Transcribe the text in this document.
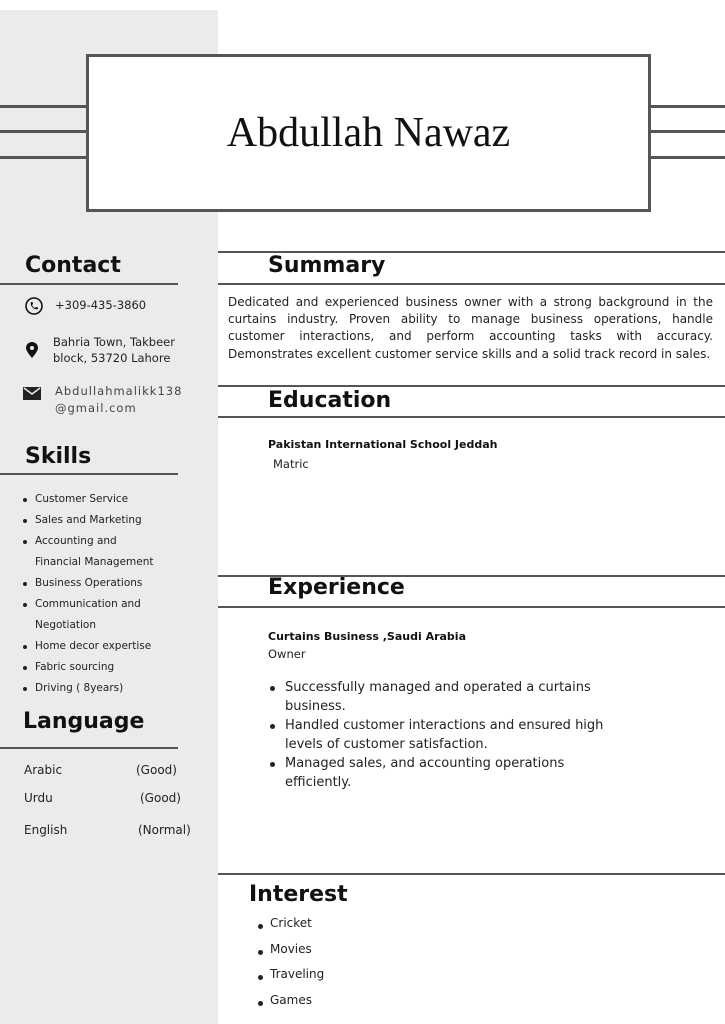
Abdullah Nawaz
Contact
+309-435-3860
Bahria Town, Takbeer block, 53720 Lahore
Abdullahmalikk138
@gmail.com
Skills
Customer Service
Sales and Marketing
Accounting and
Financial Management
Business Operations
Communication and
Negotiation
Home decor expertise
Fabric sourcing
Driving ( 8years)
Language
Arabic	(Good)
Urdu	(Good)
English	(Normal)
Summary
Dedicated and experienced business owner with a strong background in the curtains industry. Proven ability to manage business operations, handle customer interactions, and perform accounting tasks with accuracy. Demonstrates excellent customer service skills and a solid track record in sales.
Education
Pakistan International School Jeddah
Matric
Experience
Curtains Business ,Saudi Arabia
Owner
Successfully managed and operated a curtains business.
Handled customer interactions and ensured high levels of customer satisfaction.
Managed sales, and accounting operations efficiently.
Interest
Cricket
Movies
Traveling
Games
